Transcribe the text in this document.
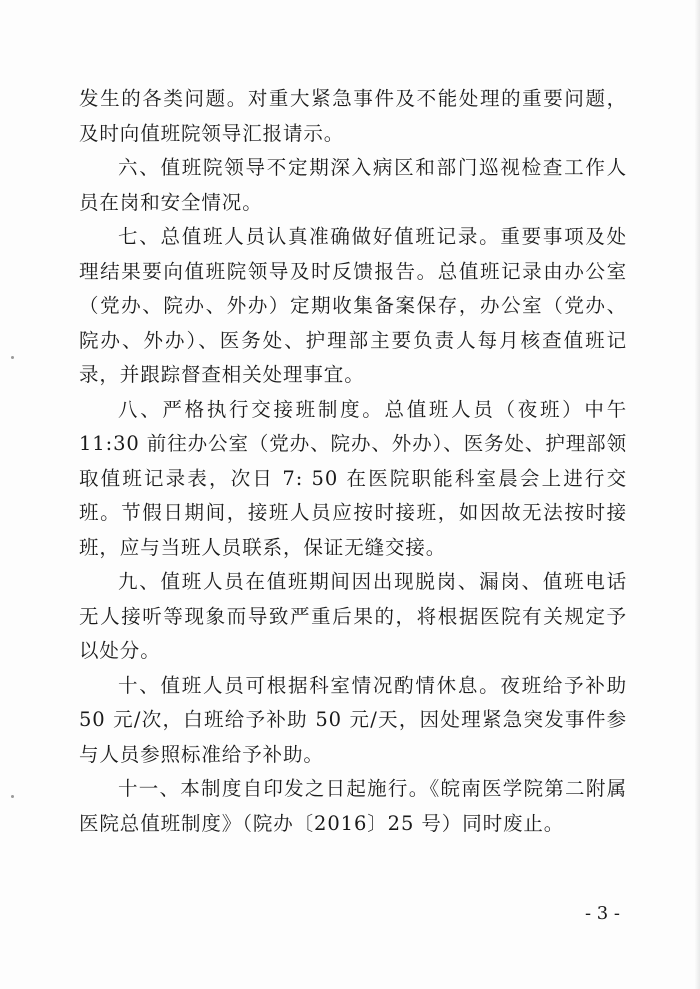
发生的各类问题。对重大紧急事件及不能处理的重要问题，及时向值班院领导汇报请示。

六、值班院领导不定期深入病区和部门巡视检查工作人员在岗和安全情况。

七、总值班人员认真准确做好值班记录。重要事项及处理结果要向值班院领导及时反馈报告。总值班记录由办公室（党办、院办、外办）定期收集备案保存，办公室（党办、院办、外办）、医务处、护理部主要负责人每月核查值班记录，并跟踪督查相关处理事宜。

八、严格执行交接班制度。总值班人员（夜班）中午 11:30 前往办公室（党办、院办、外办）、医务处、护理部领取值班记录表，次日 7: 50 在医院职能科室晨会上进行交班。节假日期间，接班人员应按时接班，如因故无法按时接班，应与当班人员联系，保证无缝交接。

九、值班人员在值班期间因出现脱岗、漏岗、值班电话无人接听等现象而导致严重后果的，将根据医院有关规定予以处分。

十、值班人员可根据科室情况酌情休息。夜班给予补助 50 元/次，白班给予补助 50 元/天，因处理紧急突发事件参与人员参照标准给予补助。

十一、本制度自印发之日起施行。《皖南医学院第二附属医院总值班制度》（院办〔2016〕25 号）同时废止。

- 3 -
